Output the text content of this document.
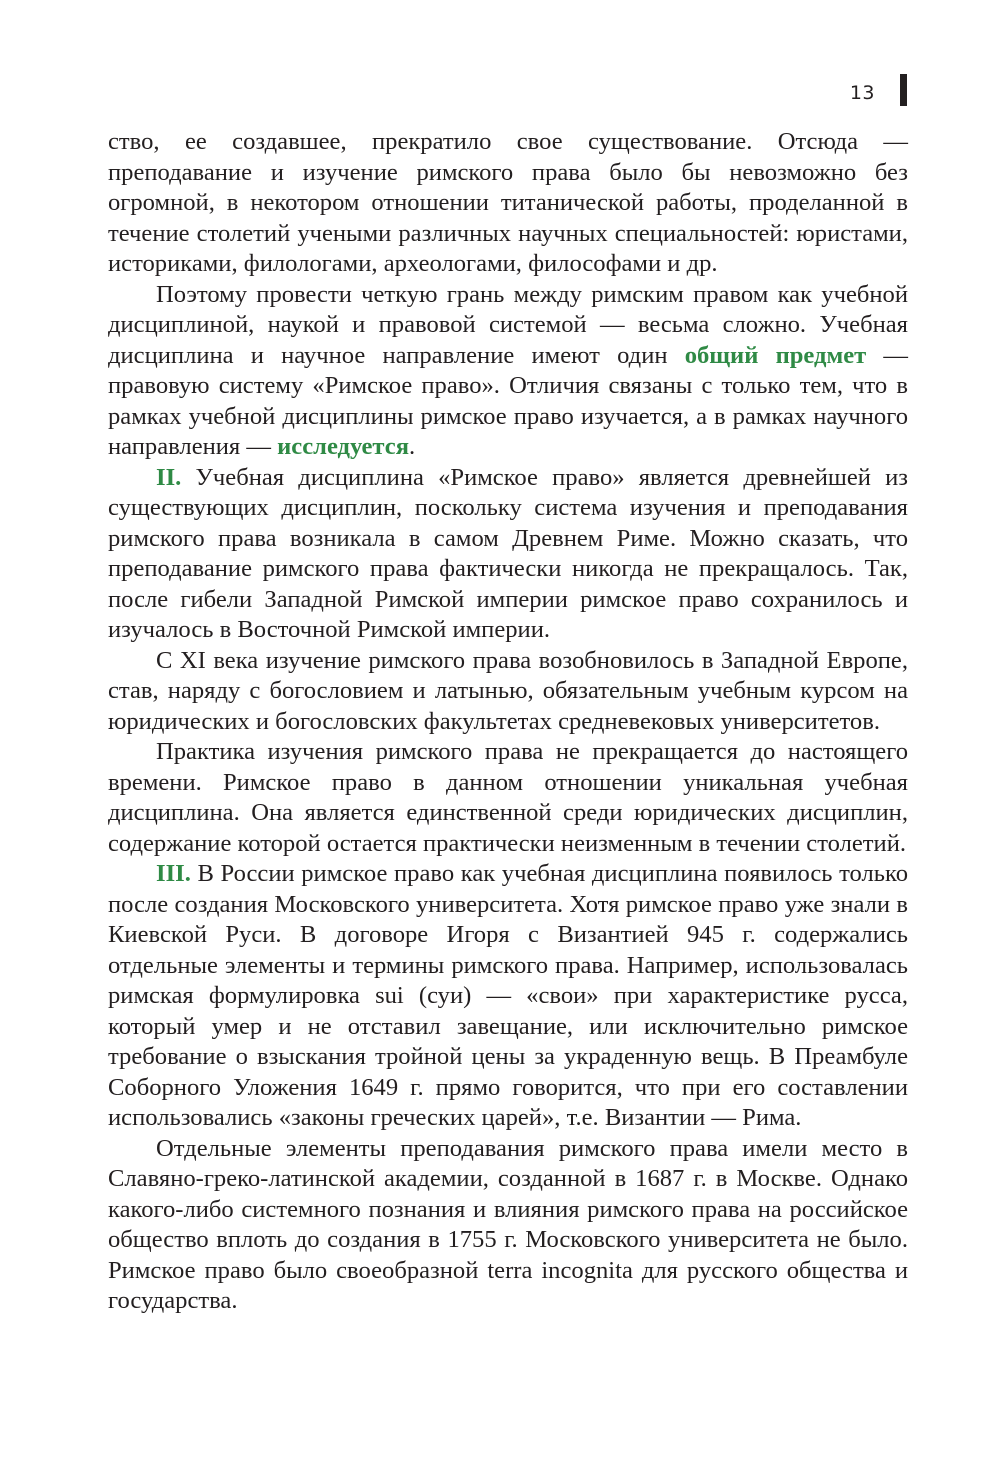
13

ство, ее создавшее, прекратило свое существование. Отсюда — преподавание и изучение римского права было бы невозможно без огромной, в некотором отношении титанической работы, проделанной в течение столетий учеными различных научных специальностей: юристами, историками, филологами, археологами, философами и др.

Поэтому провести четкую грань между римским правом как учебной дисциплиной, наукой и правовой системой — весьма сложно. Учебная дисциплина и научное направление имеют один общий предмет — правовую систему «Римское право». Отличия связаны с только тем, что в рамках учебной дисциплины римское право изучается, а в рамках научного направления — исследуется.

II. Учебная дисциплина «Римское право» является древнейшей из существующих дисциплин, поскольку система изучения и преподавания римского права возникала в самом Древнем Риме. Можно сказать, что преподавание римского права фактически никогда не прекращалось. Так, после гибели Западной Римской империи римское право сохранилось и изучалось в Восточной Римской империи.

С XI века изучение римского права возобновилось в Западной Европе, став, наряду с богословием и латынью, обязательным учебным курсом на юридических и богословских факультетах средневековых университетов.

Практика изучения римского права не прекращается до настоящего времени. Римское право в данном отношении уникальная учебная дисциплина. Она является единственной среди юридических дисциплин, содержание которой остается практически неизменным в течении столетий.

III. В России римское право как учебная дисциплина появилось только после создания Московского университета. Хотя римское право уже знали в Киевской Руси. В договоре Игоря с Византией 945 г. содержались отдельные элементы и термины римского права. Например, использовалась римская формулировка sui (суи) — «свои» при характеристике русса, который умер и не отставил завещание, или исключительно римское требование о взыскания тройной цены за украденную вещь. В Преамбуле Соборного Уложения 1649 г. прямо говорится, что при его составлении использовались «законы греческих царей», т.е. Византии — Рима.

Отдельные элементы преподавания римского права имели место в Славяно-греко-латинской академии, созданной в 1687 г. в Москве. Однако какого-либо системного познания и влияния римского права на российское общество вплоть до создания в 1755 г. Московского университета не было. Римское право было своеобразной terra incognita для русского общества и государства.
